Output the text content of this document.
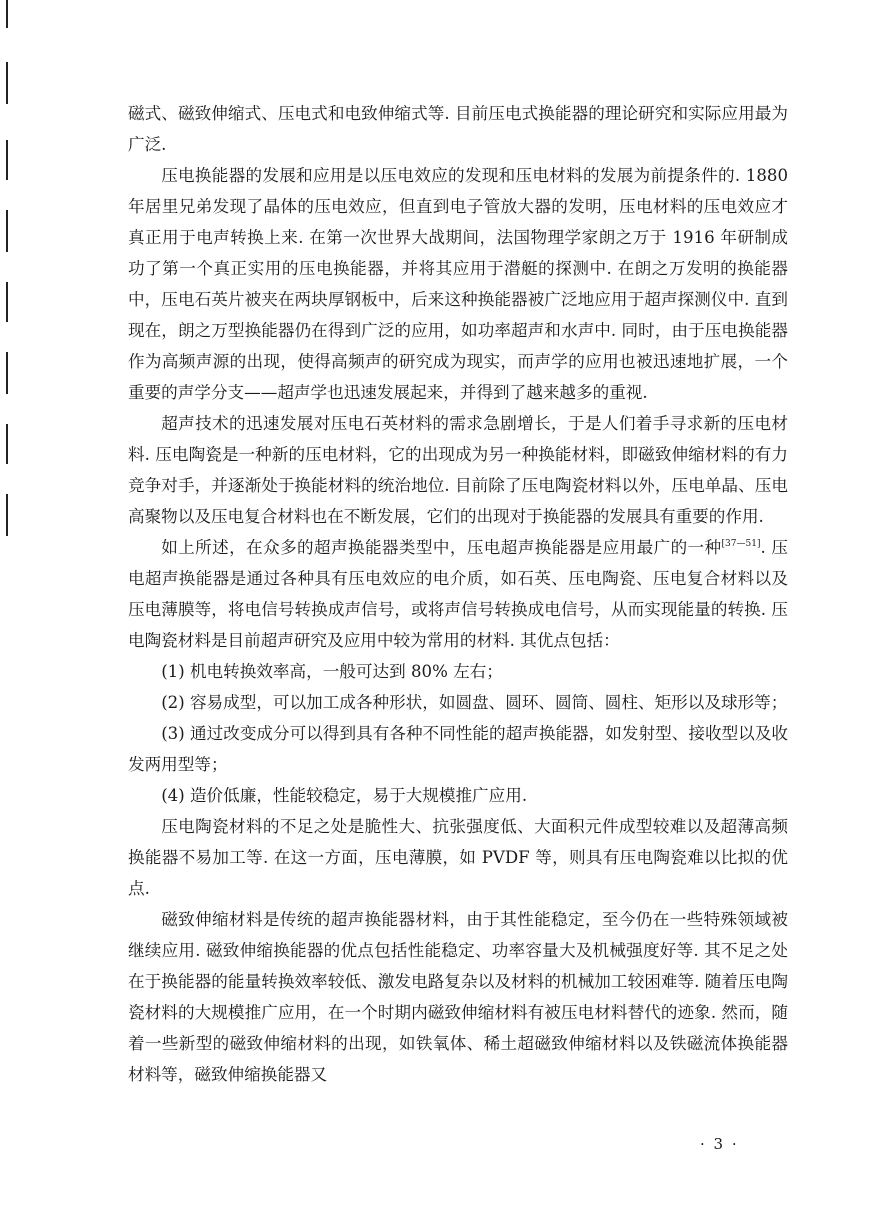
磁式、磁致伸缩式、压电式和电致伸缩式等. 目前压电式换能器的理论研究和实际应用最为广泛.

压电换能器的发展和应用是以压电效应的发现和压电材料的发展为前提条件的. 1880 年居里兄弟发现了晶体的压电效应，但直到电子管放大器的发明，压电材料的压电效应才真正用于电声转换上来. 在第一次世界大战期间，法国物理学家朗之万于 1916 年研制成功了第一个真正实用的压电换能器，并将其应用于潜艇的探测中. 在朗之万发明的换能器中，压电石英片被夹在两块厚钢板中，后来这种换能器被广泛地应用于超声探测仪中. 直到现在，朗之万型换能器仍在得到广泛的应用，如功率超声和水声中. 同时，由于压电换能器作为高频声源的出现，使得高频声的研究成为现实，而声学的应用也被迅速地扩展，一个重要的声学分支——超声学也迅速发展起来，并得到了越来越多的重视.

超声技术的迅速发展对压电石英材料的需求急剧增长，于是人们着手寻求新的压电材料. 压电陶瓷是一种新的压电材料，它的出现成为另一种换能材料，即磁致伸缩材料的有力竞争对手，并逐渐处于换能材料的统治地位. 目前除了压电陶瓷材料以外，压电单晶、压电高聚物以及压电复合材料也在不断发展，它们的出现对于换能器的发展具有重要的作用.

如上所述，在众多的超声换能器类型中，压电超声换能器是应用最广的一种[37—51]. 压电超声换能器是通过各种具有压电效应的电介质，如石英、压电陶瓷、压电复合材料以及压电薄膜等，将电信号转换成声信号，或将声信号转换成电信号，从而实现能量的转换. 压电陶瓷材料是目前超声研究及应用中较为常用的材料. 其优点包括：

(1) 机电转换效率高，一般可达到 80% 左右；

(2) 容易成型，可以加工成各种形状，如圆盘、圆环、圆筒、圆柱、矩形以及球形等；

(3) 通过改变成分可以得到具有各种不同性能的超声换能器，如发射型、接收型以及收发两用型等；

(4) 造价低廉，性能较稳定，易于大规模推广应用.

压电陶瓷材料的不足之处是脆性大、抗张强度低、大面积元件成型较难以及超薄高频换能器不易加工等. 在这一方面，压电薄膜，如 PVDF 等，则具有压电陶瓷难以比拟的优点.

磁致伸缩材料是传统的超声换能器材料，由于其性能稳定，至今仍在一些特殊领域被继续应用. 磁致伸缩换能器的优点包括性能稳定、功率容量大及机械强度好等. 其不足之处在于换能器的能量转换效率较低、激发电路复杂以及材料的机械加工较困难等. 随着压电陶瓷材料的大规模推广应用，在一个时期内磁致伸缩材料有被压电材料替代的迹象. 然而，随着一些新型的磁致伸缩材料的出现，如铁氧体、稀土超磁致伸缩材料以及铁磁流体换能器材料等，磁致伸缩换能器又

· 3 ·
